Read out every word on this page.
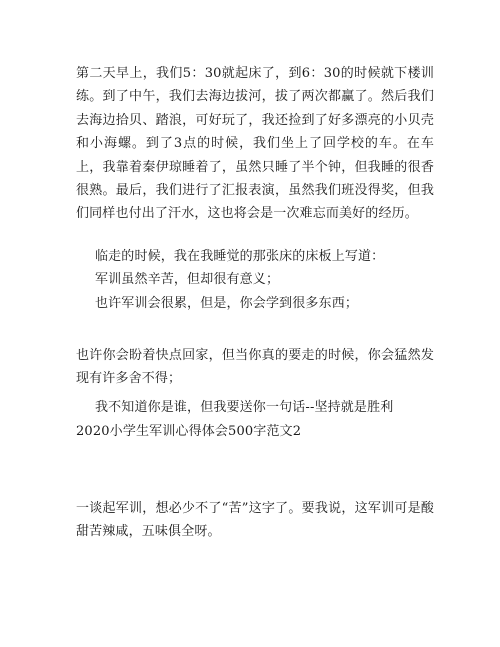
第二天早上，我们5：30就起床了，到6：30的时候就下楼训练。到了中午，我们去海边拔河，拔了两次都赢了。然后我们去海边拾贝、踏浪，可好玩了，我还捡到了好多漂亮的小贝壳和小海螺。到了3点的时候，我们坐上了回学校的车。在车上，我靠着秦伊琼睡着了，虽然只睡了半个钟，但我睡的很香很熟。最后，我们进行了汇报表演，虽然我们班没得奖，但我们同样也付出了汗水，这也将会是一次难忘而美好的经历。

临走的时候，我在我睡觉的那张床的床板上写道：

军训虽然辛苦，但却很有意义；

也许军训会很累，但是，你会学到很多东西；

也许你会盼着快点回家，但当你真的要走的时候，你会猛然发现有许多舍不得；

我不知道你是谁，但我要送你一句话--坚持就是胜利

2020小学生军训心得体会500字范文2

一谈起军训，想必少不了“苦”这字了。要我说，这军训可是酸甜苦辣咸，五味俱全呀。
